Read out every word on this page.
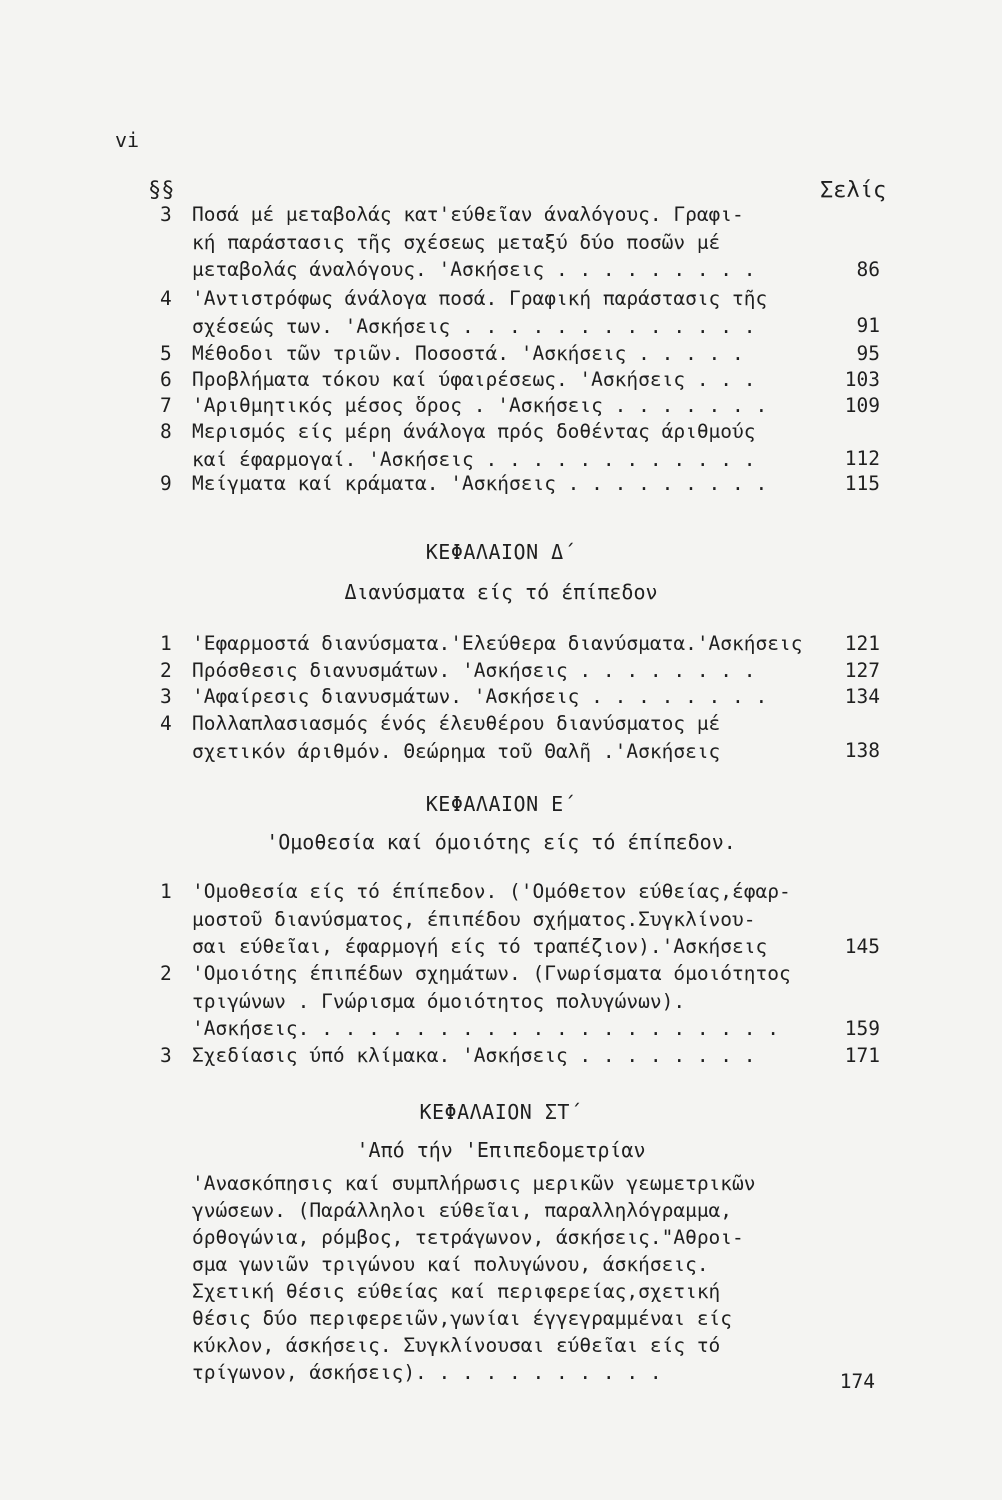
vi
§§	Σελίς
3	Ποσά μέ μεταβολάς κατ'εύθεῖαν άναλόγους. Γραφι-
κή παράστασις τῆς σχέσεως μεταξύ δύο ποσῶν μέ
μεταβολάς άναλόγους. 'Ασκήσεις . . . . . . . . .	86
4	'Αντιστρόφως άνάλογα ποσά. Γραφική παράστασις τῆς
σχέσεώς των. 'Ασκήσεις . . . . . . . . . . . . .	91
5	Μέθοδοι τῶν τριῶν. Ποσοστά. 'Ασκήσεις . . . . .	95
6	Προβλήματα τόκου καί ύφαιρέσεως. 'Ασκήσεις . . .	103
7	'Αριθμητικός μέσος ὅρος . 'Ασκήσεις . . . . . . .	109
8	Μερισμός είς μέρη άνάλογα πρός δοθέντας άριθμούς
καί έφαρμογαί. 'Ασκήσεις . . . . . . . . . . . .	112
9	Μείγματα καί κράματα. 'Ασκήσεις . . . . . . . . .	115
ΚΕΦΑΛΑΙΟΝ Δ΄
Διανύσματα είς τό έπίπεδον
1	'Εφαρμοστά διανύσματα.'Ελεύθερα διανύσματα.'Ασκήσεις	121
2	Πρόσθεσις διανυσμάτων. 'Ασκήσεις . . . . . . . .	127
3	'Αφαίρεσις διανυσμάτων. 'Ασκήσεις . . . . . . . .	134
4	Πολλαπλασιασμός ένός έλευθέρου διανύσματος μέ
σχετικόν άριθμόν. Θεώρημα τοῦ Θαλῆ .'Ασκήσεις	138
ΚΕΦΑΛΑΙΟΝ Ε΄
'Ομοθεσία καί όμοιότης είς τό έπίπεδον.
1	'Ομοθεσία είς τό έπίπεδον. ('Ομόθετον εύθείας,έφαρ-
μοστοῦ διανύσματος, έπιπέδου σχήματος.Συγκλίνου-
σαι εύθεῖαι, έφαρμογή είς τό τραπέζιον).'Ασκήσεις	145
2	'Ομοιότης έπιπέδων σχημάτων. (Γνωρίσματα όμοιότητος
τριγώνων . Γνώρισμα όμοιότητος πολυγώνων).
'Ασκήσεις. . . . . . . . . . . . . . . . . . . . .	159
3	Σχεδίασις ύπό κλίμακα. 'Ασκήσεις . . . . . . . .	171
ΚΕΦΑΛΑΙΟΝ ΣΤ΄
'Από τήν 'Επιπεδομετρίαν
'Ανασκόπησις καί συμπλήρωσις μερικῶν γεωμετρικῶν
γνώσεων. (Παράλληλοι εύθεῖαι, παραλληλόγραμμα,
όρθογώνια, ρόμβος, τετράγωνον, άσκήσεις."Αθροι-
σμα γωνιῶν τριγώνου καί πολυγώνου, άσκήσεις.
Σχετική θέσις εύθείας καί περιφερείας,σχετική
θέσις δύο περιφερειῶν,γωνίαι έγγεγραμμέναι είς
κύκλον, άσκήσεις. Συγκλίνουσαι εύθεῖαι είς τό
τρίγωνον, άσκήσεις). . . . . . . . . . .	174
